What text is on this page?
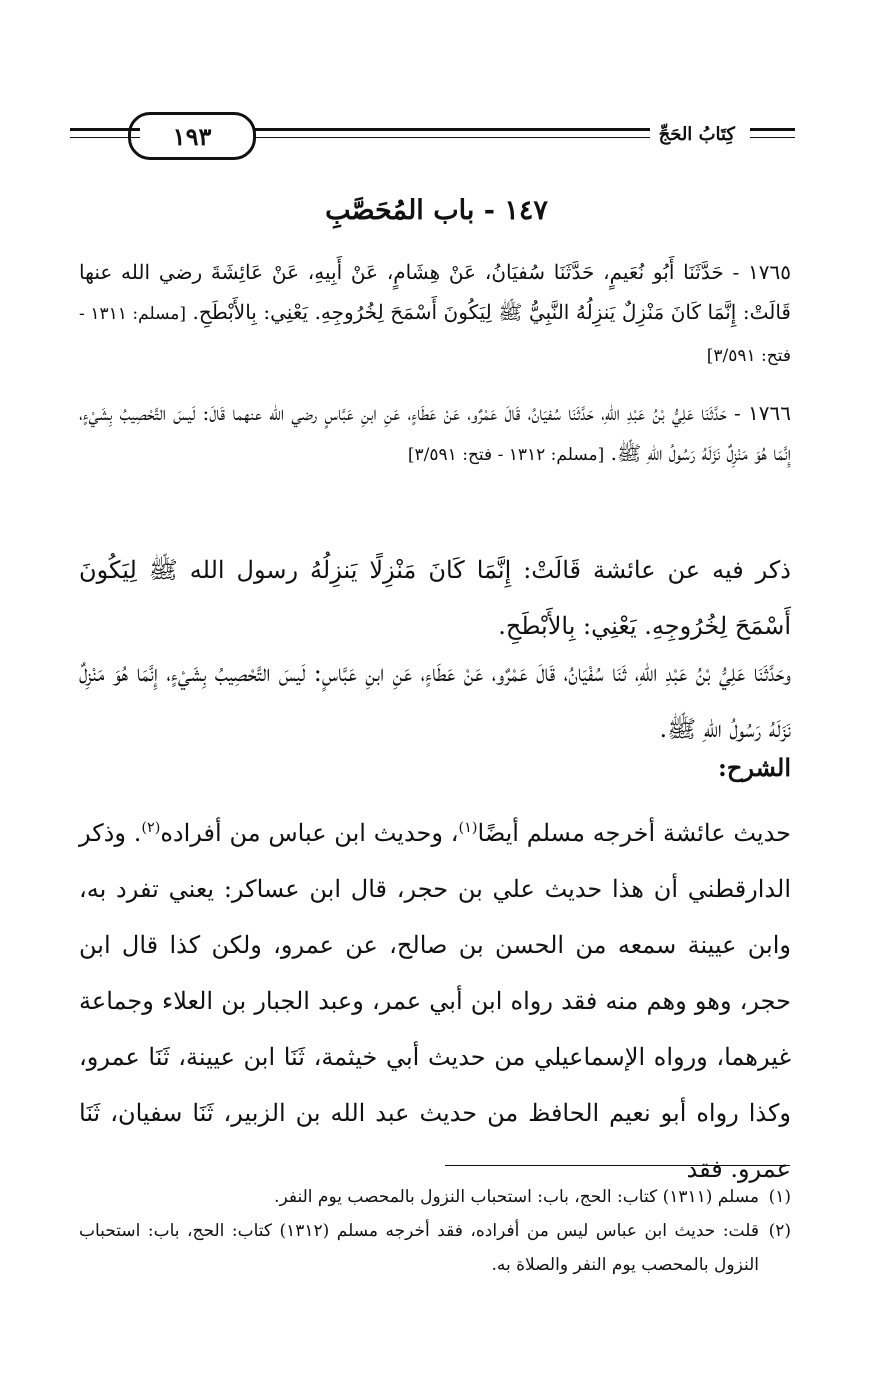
كِتَابُ الحَجِّ
١٩٣
١٤٧ - باب المُحَصَّبِ
١٧٦٥ - حَدَّثَنَا أَبُو نُعَيمٍ، حَدَّثَنَا سُفيَانُ، عَنْ هِشَامٍ، عَنْ أَبِيهِ، عَنْ عَائِشَةَ رضي الله عنها قَالَتْ: إِنَّمَا كَانَ مَنْزِلٌ يَنزِلُهُ النَّبِيُّ ﷺ لِيَكُونَ أَسْمَحَ لِخُرُوجِهِ. يَعْنِي: بِالأَبْطَحِ. [مسلم: ١٣١١ - فتح: ٣/٥٩١]
١٧٦٦ - حَدَّثَنَا عَلِيُّ بْنُ عَبْدِ اللهِ، حَدَّثَنَا سُفيَانُ، قَالَ عَمْرٌو، عَنْ عَطَاءٍ، عَنِ ابنِ عَبَّاسٍ رضي الله عنهما قَالَ: لَيسَ التَّحْصِيبُ بِشَيْءٍ، إِنَّمَا هُوَ مَنْزِلٌ نَزَلَهُ رَسُولُ اللهِ ﷺ. [مسلم: ١٣١٢ - فتح: ٣/٥٩١]
ذكر فيه عن عائشة قَالَتْ: إِنَّمَا كَانَ مَنْزِلًا يَنزِلُهُ رسول الله ﷺ لِيَكُونَ أَسْمَحَ لِخُرُوجِهِ. يَعْنِي: بِالأَبْطَحِ.
وحَدَّثَنَا عَلِيُّ بْنُ عَبْدِ اللهِ، ثَنَا سُفْيَانُ، قَالَ عَمْرٌو، عَنْ عَطَاءٍ، عَنِ ابنِ عَبَّاسٍ: لَيسَ التَّحْصِيبُ بِشَيْءٍ، إِنَّمَا هُوَ مَنْزِلٌ نَزَلَهُ رَسُولُ اللهِ ﷺ.
الشرح:
حديث عائشة أخرجه مسلم أيضًا$^{(١)}$، وحديث ابن عباس من أفراده$^{(٢)}$. وذكر الدارقطني أن هذا حديث علي بن حجر، قال ابن عساكر: يعني تفرد به، وابن عيينة سمعه من الحسن بن صالح، عن عمرو، ولكن كذا قال ابن حجر، وهو وهم منه فقد رواه ابن أبي عمر، وعبد الجبار بن العلاء وجماعة غيرهما، ورواه الإسماعيلي من حديث أبي خيثمة، ثَنَا ابن عيينة، ثَنَا عمرو، وكذا رواه أبو نعيم الحافظ من حديث عبد الله بن الزبير، ثَنَا سفيان، ثَنَا عمرو. فقد
(١)
مسلم (١٣١١) كتاب: الحج، باب: استحباب النزول بالمحصب يوم النفر.
(٢)
قلت: حديث ابن عباس ليس من أفراده، فقد أخرجه مسلم (١٣١٢) كتاب: الحج، باب: استحباب النزول بالمحصب يوم النفر والصلاة به.
